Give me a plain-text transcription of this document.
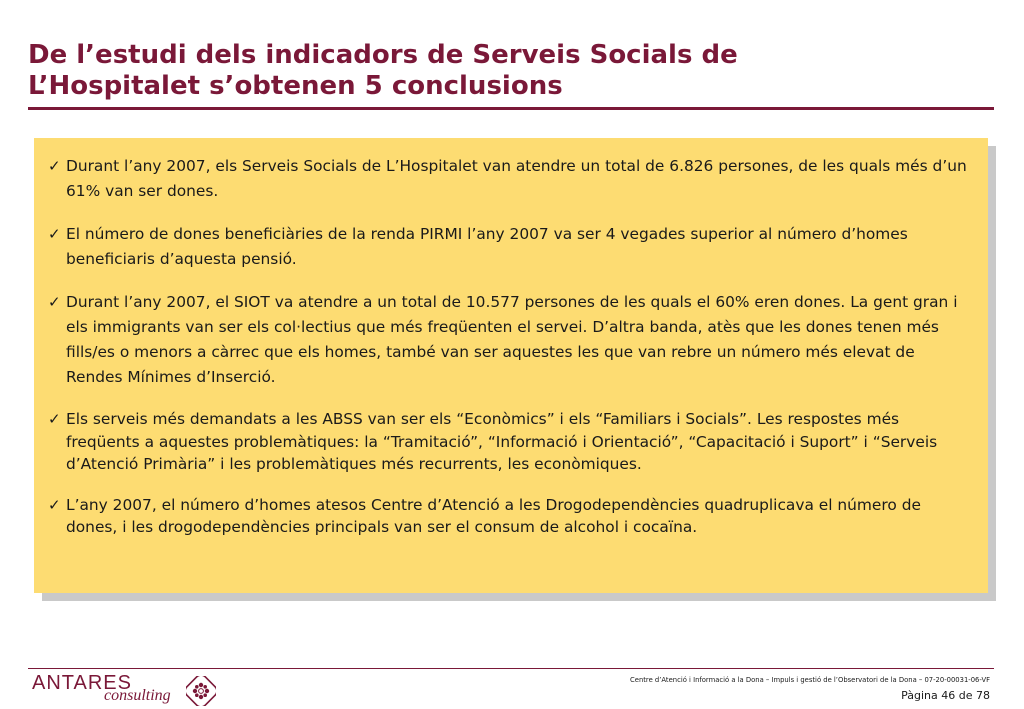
De l’estudi dels indicadors de Serveis Socials de
L’Hospitalet s’obtenen 5 conclusions
✓ Durant l’any 2007, els Serveis Socials de L’Hospitalet van atendre un total de 6.826 persones, de les quals més d’un 61% van ser dones.
✓ El número de dones beneficiàries de la renda PIRMI l’any 2007 va ser 4 vegades superior al número d’homes beneficiaris d’aquesta pensió.
✓ Durant l’any 2007, el SIOT va atendre a un total de 10.577 persones de les quals el 60% eren dones. La gent gran i els immigrants van ser els col·lectius que més freqüenten el servei. D’altra banda, atès que les dones tenen més fills/es o menors a càrrec que els homes, també van ser aquestes les que van rebre un número més elevat de Rendes Mínimes d’Inserció.
✓ Els serveis més demandats a les ABSS van ser els “Econòmics” i els “Familiars i Socials”. Les respostes més freqüents a aquestes problemàtiques: la “Tramitació”, “Informació i Orientació”, “Capacitació i Suport” i “Serveis d’Atenció Primària” i les problemàtiques més recurrents, les econòmiques.
✓ L’any 2007, el número d’homes atesos Centre d’Atenció a les Drogodependències quadruplicava el número de dones, i les drogodependències principals van ser el consum de alcohol i cocaïna.
ANTARES
consulting
Centre d’Atenció i Informació a la Dona – Impuls i gestió de l’Observatori de la Dona – 07-20-00031-06-VF
Pàgina 46 de 78
